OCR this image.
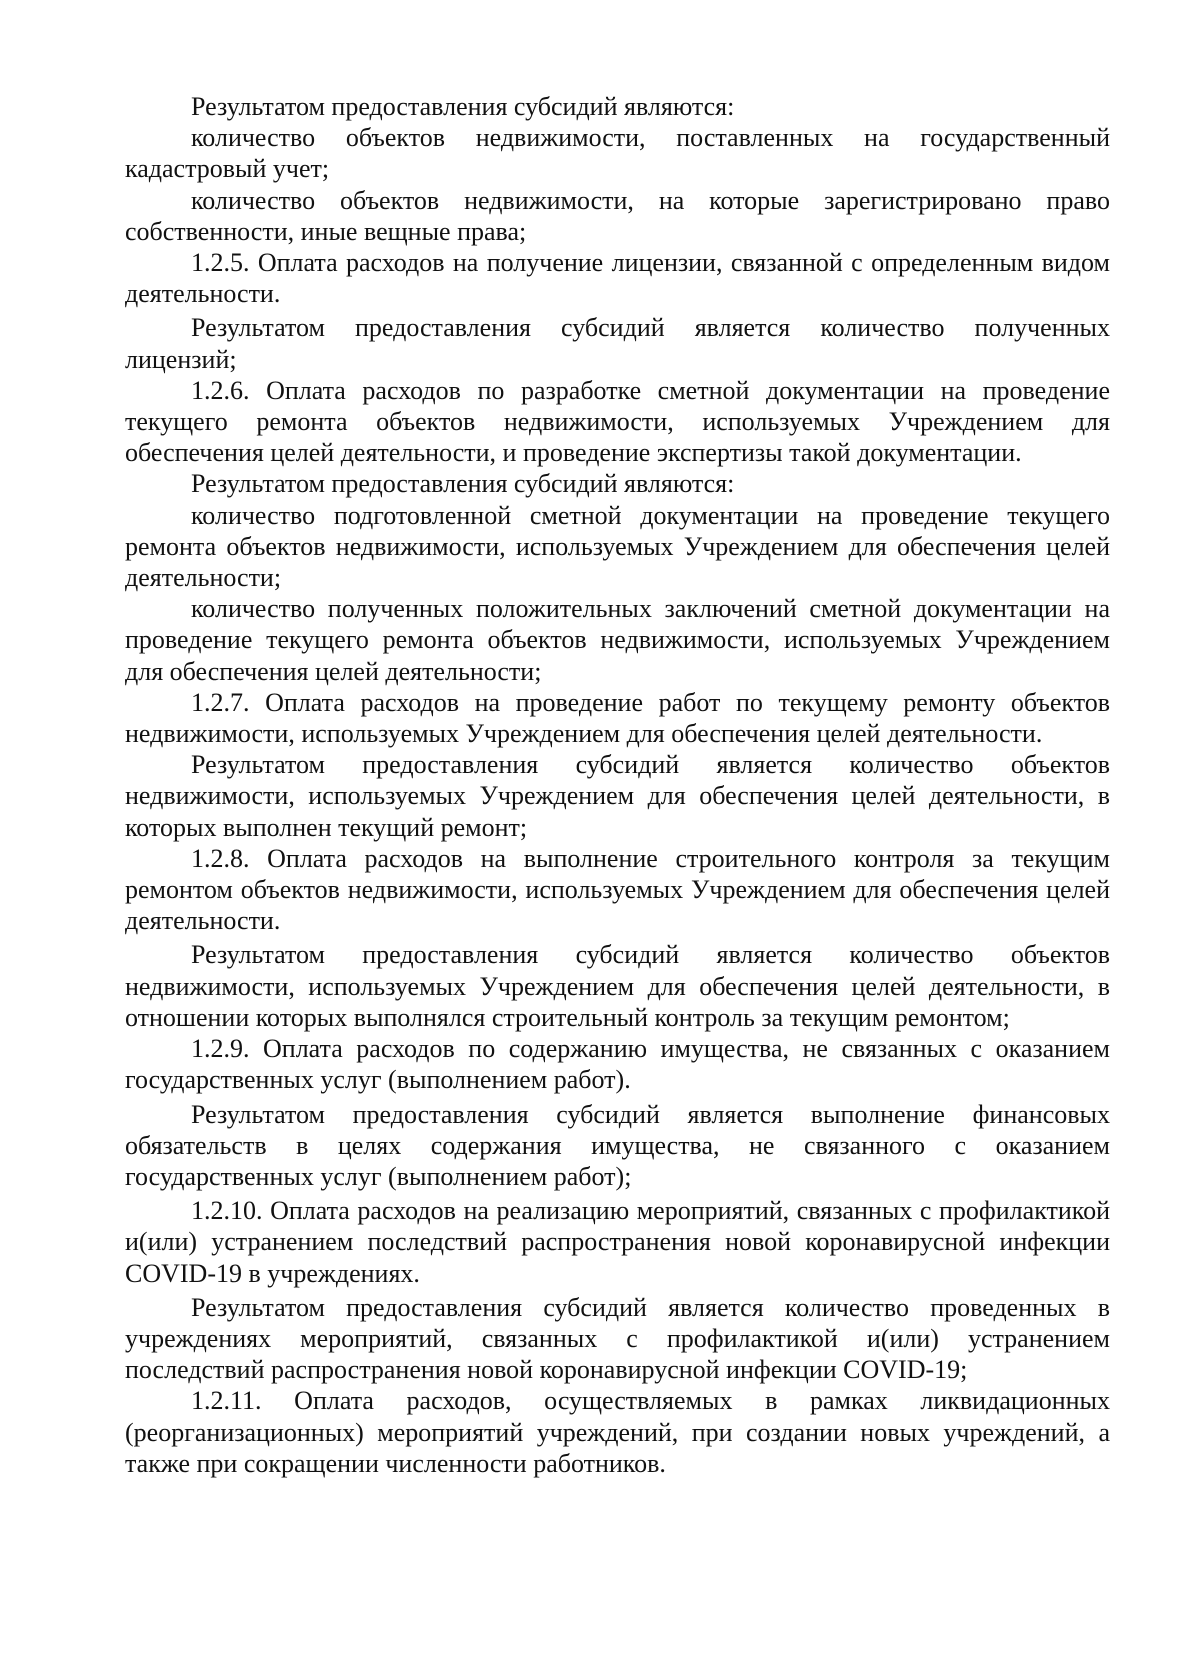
Результатом предоставления субсидий являются:

количество объектов недвижимости, поставленных на государственный кадастровый учет;

количество объектов недвижимости, на которые зарегистрировано право собственности, иные вещные права;

1.2.5. Оплата расходов на получение лицензии, связанной с определенным видом деятельности.

Результатом предоставления субсидий является количество полученных лицензий;

1.2.6. Оплата расходов по разработке сметной документации на проведение текущего ремонта объектов недвижимости, используемых Учреждением для обеспечения целей деятельности, и проведение экспертизы такой документации.

Результатом предоставления субсидий являются:

количество подготовленной сметной документации на проведение текущего ремонта объектов недвижимости, используемых Учреждением для обеспечения целей деятельности;

количество полученных положительных заключений сметной документации на проведение текущего ремонта объектов недвижимости, используемых Учреждением для обеспечения целей деятельности;

1.2.7. Оплата расходов на проведение работ по текущему ремонту объектов недвижимости, используемых Учреждением для обеспечения целей деятельности.

Результатом предоставления субсидий является количество объектов недвижимости, используемых Учреждением для обеспечения целей деятельности, в которых выполнен текущий ремонт;

1.2.8. Оплата расходов на выполнение строительного контроля за текущим ремонтом объектов недвижимости, используемых Учреждением для обеспечения целей деятельности.

Результатом предоставления субсидий является количество объектов недвижимости, используемых Учреждением для обеспечения целей деятельности, в отношении которых выполнялся строительный контроль за текущим ремонтом;

1.2.9. Оплата расходов по содержанию имущества, не связанных с оказанием государственных услуг (выполнением работ).

Результатом предоставления субсидий является выполнение финансовых обязательств в целях содержания имущества, не связанного с оказанием государственных услуг (выполнением работ);

1.2.10. Оплата расходов на реализацию мероприятий, связанных с профилактикой и(или) устранением последствий распространения новой коронавирусной инфекции COVID-19 в учреждениях.

Результатом предоставления субсидий является количество проведенных в учреждениях мероприятий, связанных с профилактикой и(или) устранением последствий распространения новой коронавирусной инфекции COVID-19;

1.2.11. Оплата расходов, осуществляемых в рамках ликвидационных (реорганизационных) мероприятий учреждений, при создании новых учреждений, а также при сокращении численности работников.
